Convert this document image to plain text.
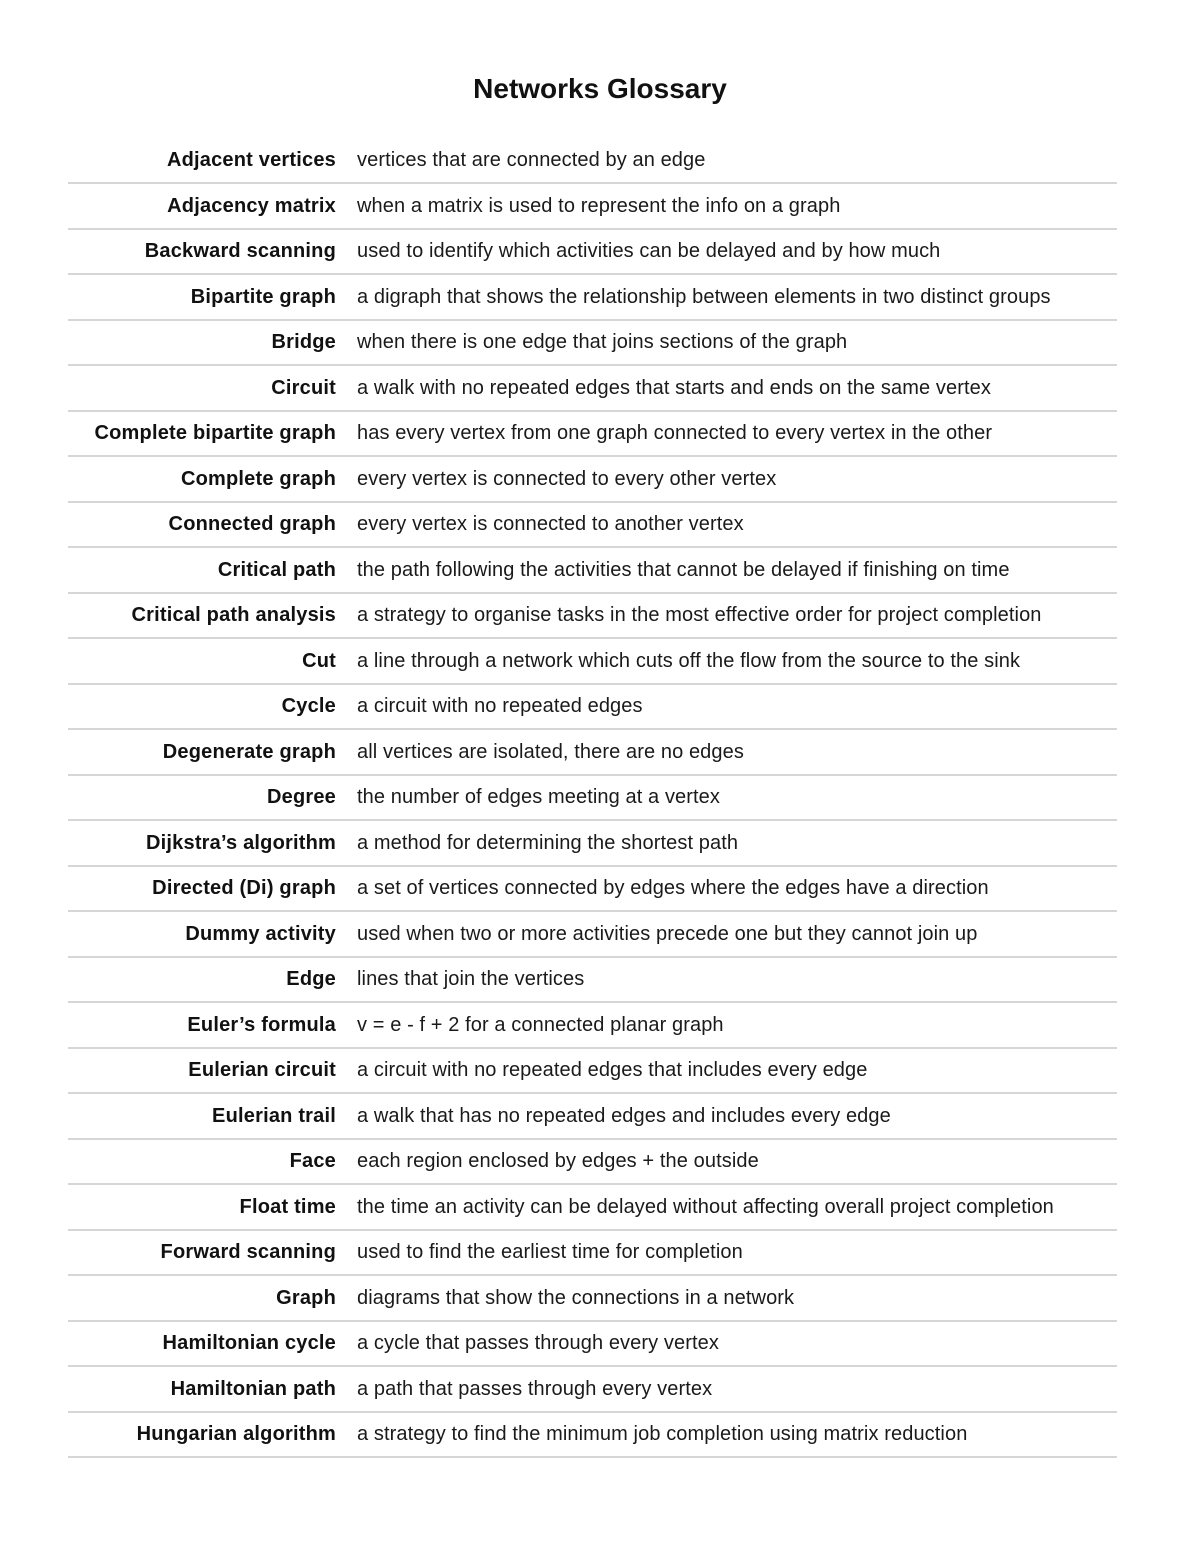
Networks Glossary
Adjacent vertices	vertices that are connected by an edge
Adjacency matrix	when a matrix is used to represent the info on a graph
Backward scanning	used to identify which activities can be delayed and by how much
Bipartite graph	a digraph that shows the relationship between elements in two distinct groups
Bridge	when there is one edge that joins sections of the graph
Circuit	a walk with no repeated edges that starts and ends on the same vertex
Complete bipartite graph	has every vertex from one graph connected to every vertex in the other
Complete graph	every vertex is connected to every other vertex
Connected graph	every vertex is connected to another vertex
Critical path	the path following the activities that cannot be delayed if finishing on time
Critical path analysis	a strategy to organise tasks in the most effective order for project completion
Cut	a line through a network which cuts off the flow from the source to the sink
Cycle	a circuit with no repeated edges
Degenerate graph	all vertices are isolated, there are no edges
Degree	the number of edges meeting at a vertex
Dijkstra’s algorithm	a method for determining the shortest path
Directed (Di) graph	a set of vertices connected by edges where the edges have a direction
Dummy activity	used when two or more activities precede one but they cannot join up
Edge	lines that join the vertices
Euler’s formula	v = e - f + 2 for a connected planar graph
Eulerian circuit	a circuit with no repeated edges that includes every edge
Eulerian trail	a walk that has no repeated edges and includes every edge
Face	each region enclosed by edges + the outside
Float time	the time an activity can be delayed without affecting overall project completion
Forward scanning	used to find the earliest time for completion
Graph	diagrams that show the connections in a network
Hamiltonian cycle	a cycle that passes through every vertex
Hamiltonian path	a path that passes through every vertex
Hungarian algorithm	a strategy to find the minimum job completion using matrix reduction
